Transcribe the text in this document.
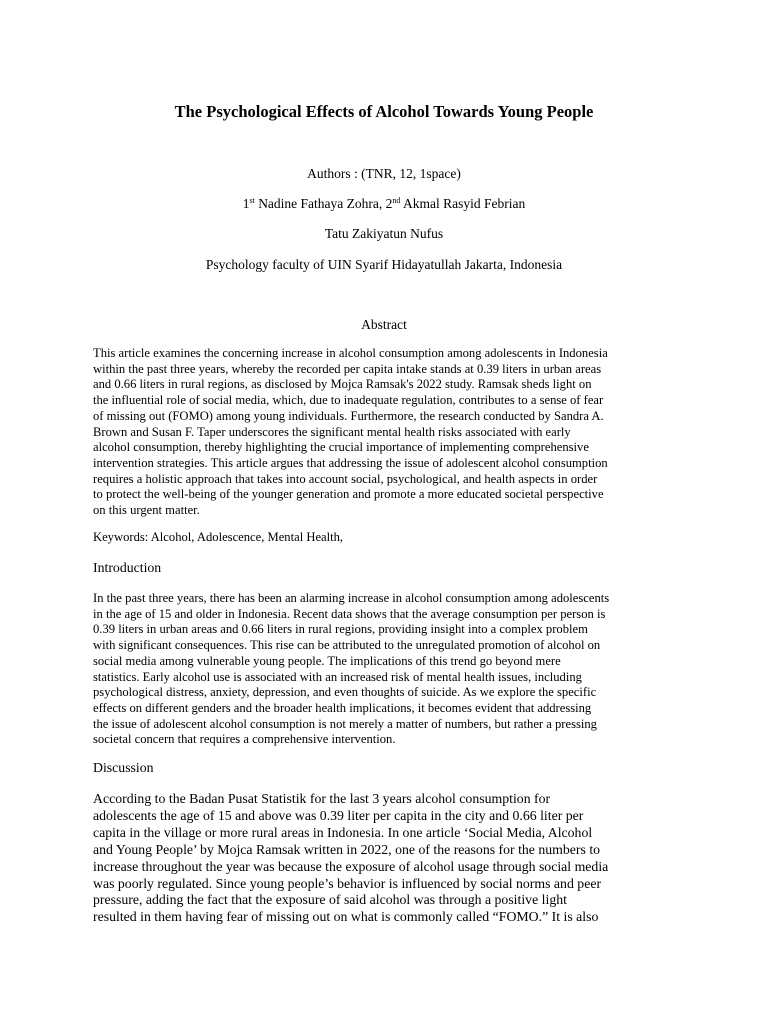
The Psychological Effects of Alcohol Towards Young People
Authors : (TNR, 12, 1space)
1st Nadine Fathaya Zohra, 2nd Akmal Rasyid Febrian
Tatu Zakiyatun Nufus
Psychology faculty of UIN Syarif Hidayatullah Jakarta, Indonesia
Abstract
This article examines the concerning increase in alcohol consumption among adolescents in Indonesia
within the past three years, whereby the recorded per capita intake stands at 0.39 liters in urban areas
and 0.66 liters in rural regions, as disclosed by Mojca Ramsak's 2022 study. Ramsak sheds light on
the influential role of social media, which, due to inadequate regulation, contributes to a sense of fear
of missing out (FOMO) among young individuals. Furthermore, the research conducted by Sandra A.
Brown and Susan F. Taper underscores the significant mental health risks associated with early
alcohol consumption, thereby highlighting the crucial importance of implementing comprehensive
intervention strategies. This article argues that addressing the issue of adolescent alcohol consumption
requires a holistic approach that takes into account social, psychological, and health aspects in order
to protect the well-being of the younger generation and promote a more educated societal perspective
on this urgent matter.
Keywords: Alcohol, Adolescence, Mental Health,
Introduction
In the past three years, there has been an alarming increase in alcohol consumption among adolescents
in the age of 15 and older in Indonesia. Recent data shows that the average consumption per person is
0.39 liters in urban areas and 0.66 liters in rural regions, providing insight into a complex problem
with significant consequences. This rise can be attributed to the unregulated promotion of alcohol on
social media among vulnerable young people. The implications of this trend go beyond mere
statistics. Early alcohol use is associated with an increased risk of mental health issues, including
psychological distress, anxiety, depression, and even thoughts of suicide. As we explore the specific
effects on different genders and the broader health implications, it becomes evident that addressing
the issue of adolescent alcohol consumption is not merely a matter of numbers, but rather a pressing
societal concern that requires a comprehensive intervention.
Discussion
According to the Badan Pusat Statistik for the last 3 years alcohol consumption for
adolescents the age of 15 and above was 0.39 liter per capita in the city and 0.66 liter per
capita in the village or more rural areas in Indonesia. In one article ‘Social Media, Alcohol
and Young People’ by Mojca Ramsak written in 2022, one of the reasons for the numbers to
increase throughout the year was because the exposure of alcohol usage through social media
was poorly regulated. Since young people’s behavior is influenced by social norms and peer
pressure, adding the fact that the exposure of said alcohol was through a positive light
resulted in them having fear of missing out on what is commonly called “FOMO.” It is also
